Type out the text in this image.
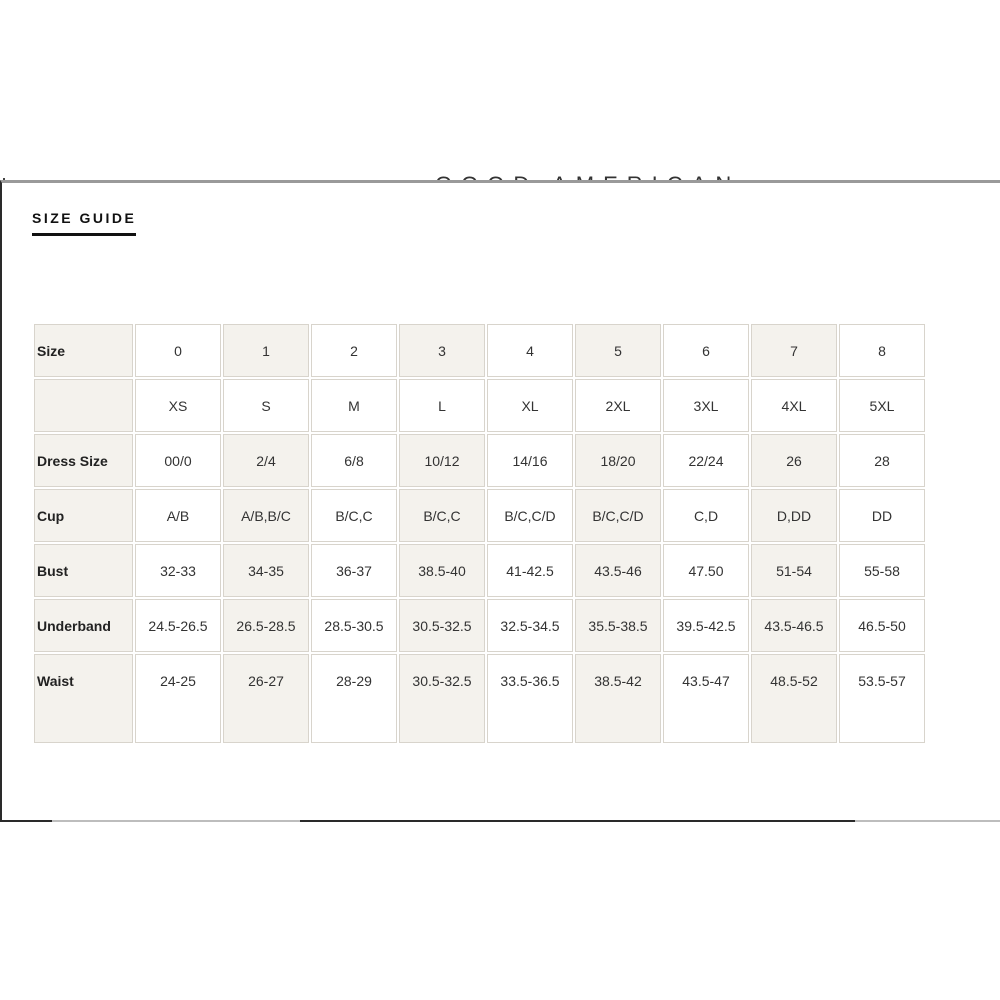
SIZE GUIDE
Size	0	1	2	3	4	5	6	7	8
	XS	S	M	L	XL	2XL	3XL	4XL	5XL
Dress Size	00/0	2/4	6/8	10/12	14/16	18/20	22/24	26	28
Cup	A/B	A/B,B/C	B/C,C	B/C,C	B/C,C/D	B/C,C/D	C,D	D,DD	DD
Bust	32-33	34-35	36-37	38.5-40	41-42.5	43.5-46	47.50	51-54	55-58
Underband	24.5-26.5	26.5-28.5	28.5-30.5	30.5-32.5	32.5-34.5	35.5-38.5	39.5-42.5	43.5-46.5	46.5-50
Waist	24-25	26-27	28-29	30.5-32.5	33.5-36.5	38.5-42	43.5-47	48.5-52	53.5-57
